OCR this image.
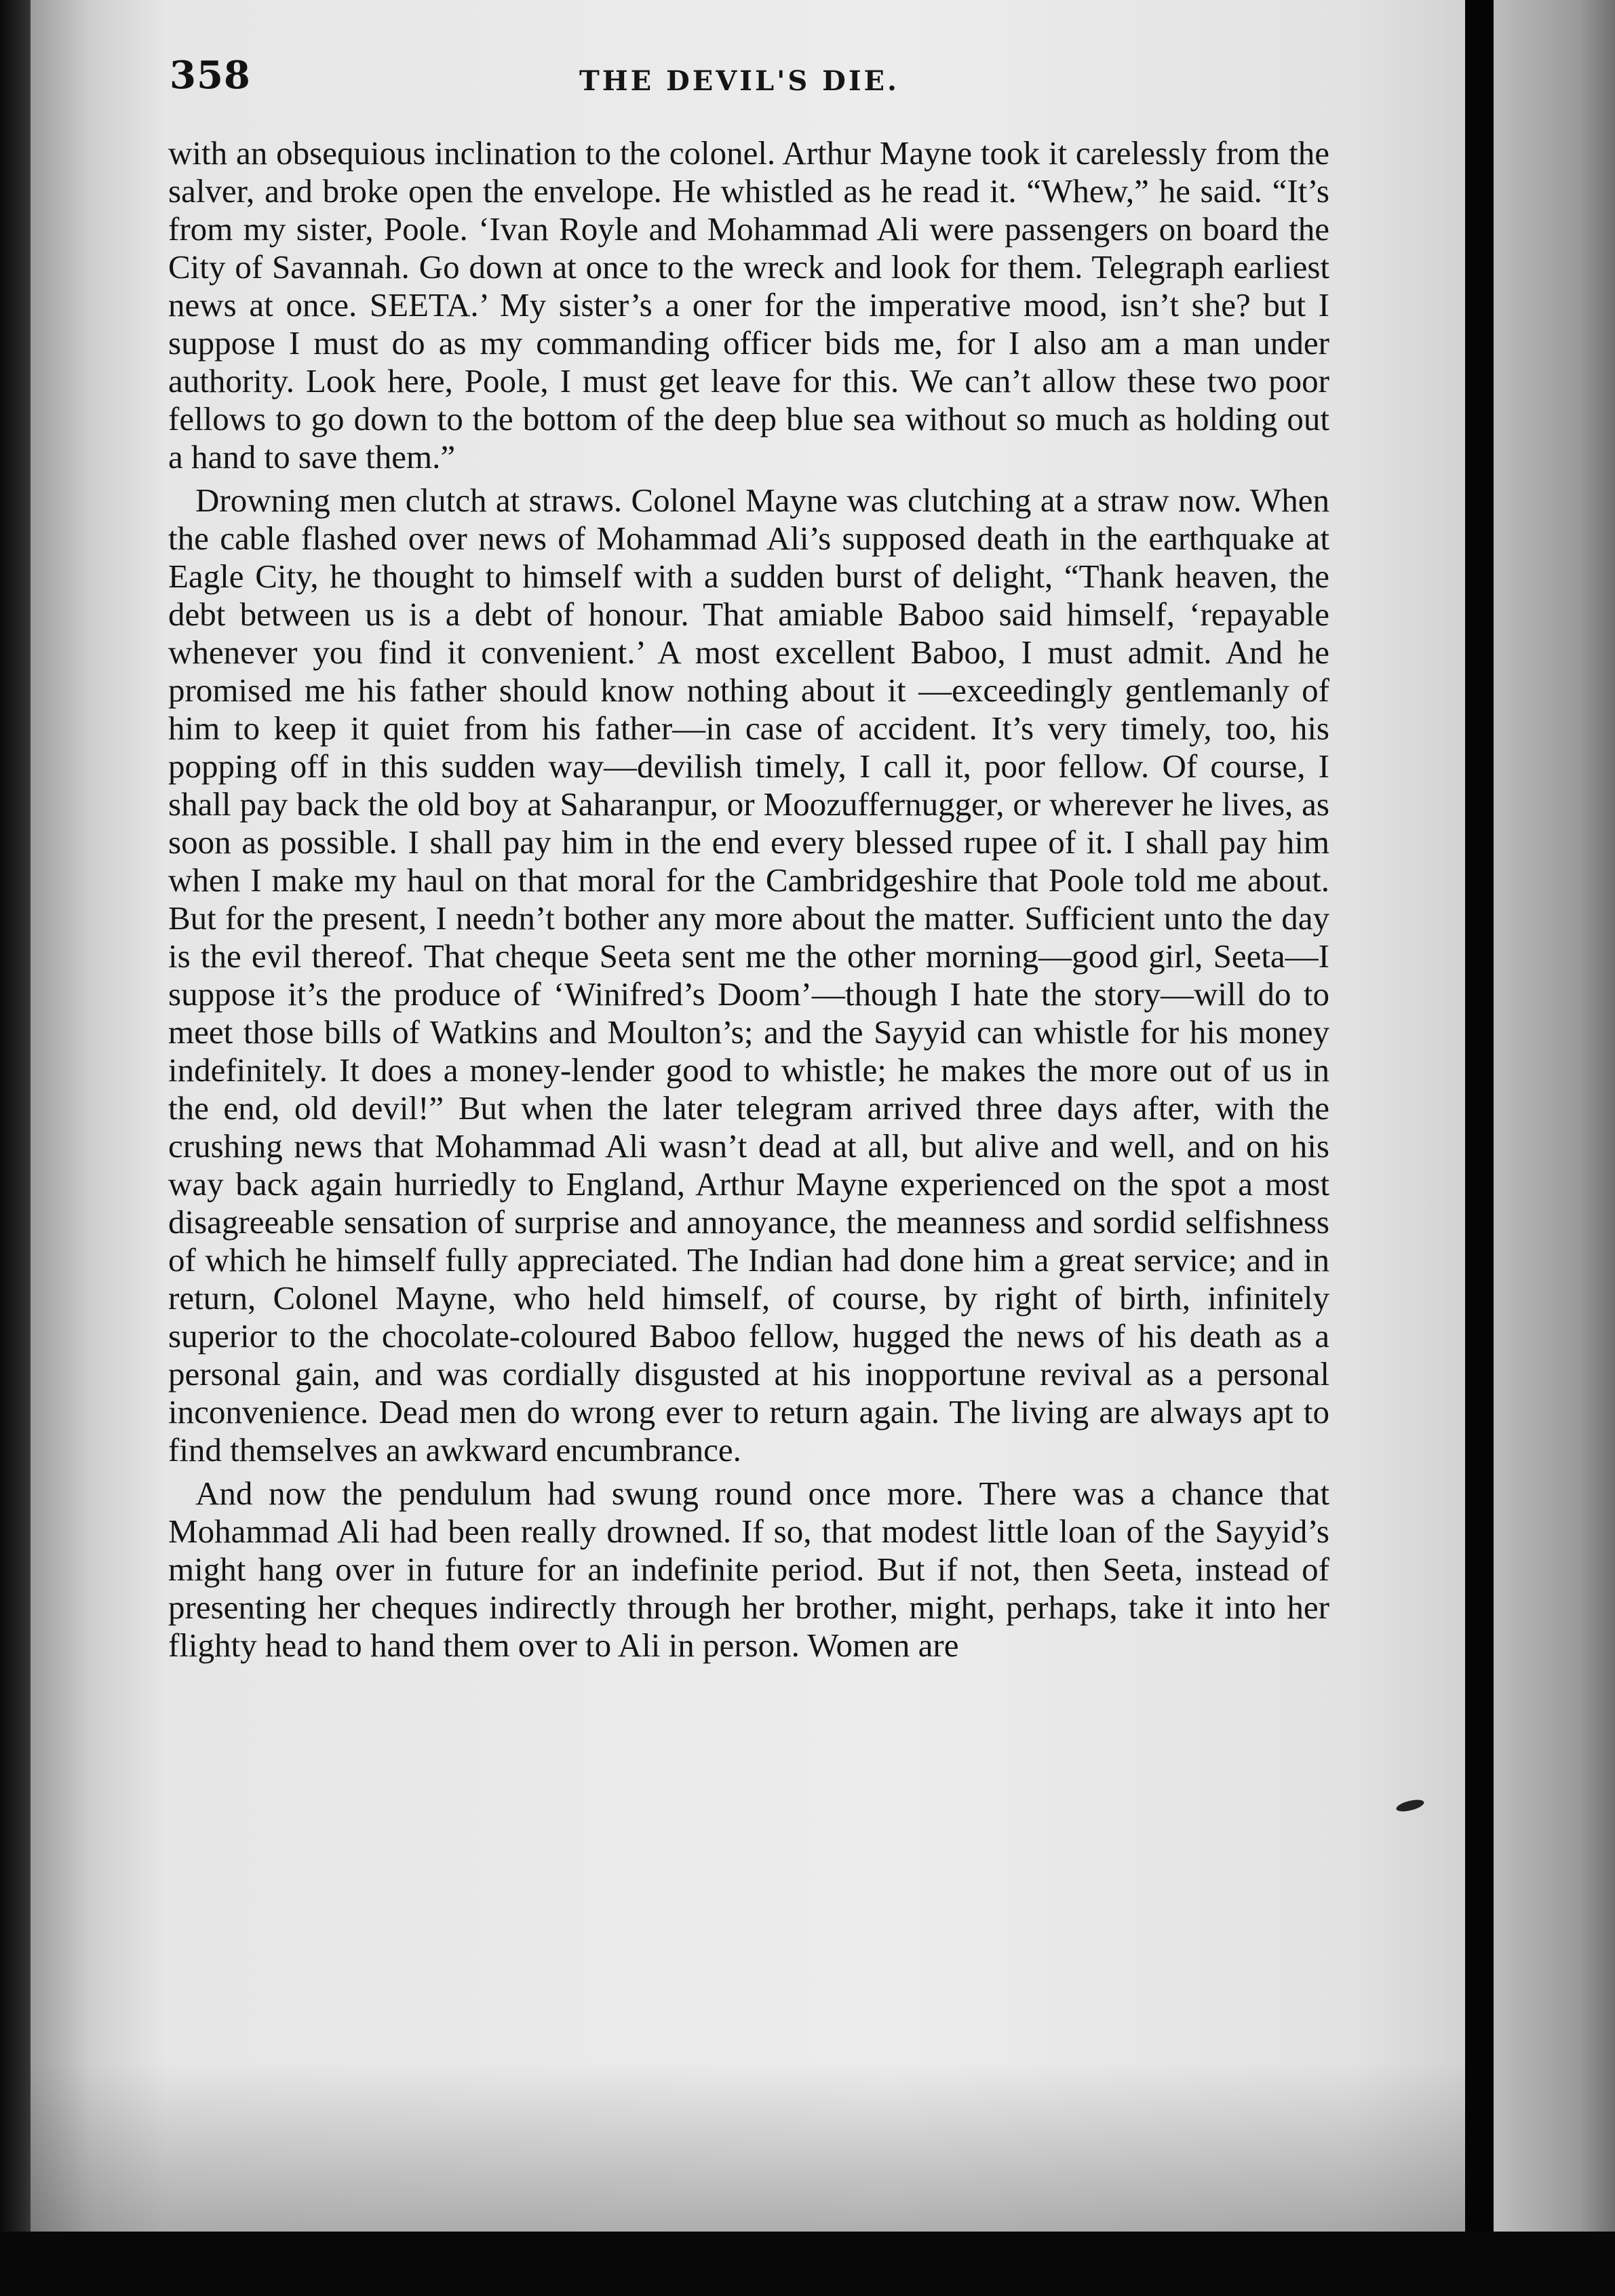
358	THE DEVIL'S DIE.

with an obsequious inclination to the colonel. Arthur Mayne took it carelessly from the salver, and broke open the envelope. He whistled as he read it. “Whew,” he said. “It’s from my sister, Poole. ‘Ivan Royle and Mohammad Ali were passengers on board the City of Savannah. Go down at once to the wreck and look for them. Telegraph earliest news at once. SEETA.’ My sister’s a oner for the imperative mood, isn’t she? but I suppose I must do as my commanding officer bids me, for I also am a man under authority. Look here, Poole, I must get leave for this. We can’t allow these two poor fellows to go down to the bottom of the deep blue sea without so much as holding out a hand to save them.”

Drowning men clutch at straws. Colonel Mayne was clutching at a straw now. When the cable flashed over news of Mohammad Ali’s supposed death in the earthquake at Eagle City, he thought to himself with a sudden burst of delight, “Thank heaven, the debt between us is a debt of honour. That amiable Baboo said himself, ‘repayable whenever you find it convenient.’ A most excellent Baboo, I must admit. And he promised me his father should know nothing about it —exceedingly gentlemanly of him to keep it quiet from his father—in case of accident. It’s very timely, too, his popping off in this sudden way—devilish timely, I call it, poor fellow. Of course, I shall pay back the old boy at Saharanpur, or Moozuffernugger, or wherever he lives, as soon as possible. I shall pay him in the end every blessed rupee of it. I shall pay him when I make my haul on that moral for the Cambridgeshire that Poole told me about. But for the present, I needn’t bother any more about the matter. Sufficient unto the day is the evil thereof. That cheque Seeta sent me the other morning—good girl, Seeta—I suppose it’s the produce of ‘Winifred’s Doom’—though I hate the story—will do to meet those bills of Watkins and Moulton’s; and the Sayyid can whistle for his money indefinitely. It does a money-lender good to whistle; he makes the more out of us in the end, old devil!” But when the later telegram arrived three days after, with the crushing news that Mohammad Ali wasn’t dead at all, but alive and well, and on his way back again hurriedly to England, Arthur Mayne experienced on the spot a most disagreeable sensation of surprise and annoyance, the meanness and sordid selfishness of which he himself fully appreciated. The Indian had done him a great service; and in return, Colonel Mayne, who held himself, of course, by right of birth, infinitely superior to the chocolate-coloured Baboo fellow, hugged the news of his death as a personal gain, and was cordially disgusted at his inopportune revival as a personal inconvenience. Dead men do wrong ever to return again. The living are always apt to find themselves an awkward encumbrance.

And now the pendulum had swung round once more. There was a chance that Mohammad Ali had been really drowned. If so, that modest little loan of the Sayyid’s might hang over in future for an indefinite period. But if not, then Seeta, instead of presenting her cheques indirectly through her brother, might, perhaps, take it into her flighty head to hand them over to Ali in person. Women are
